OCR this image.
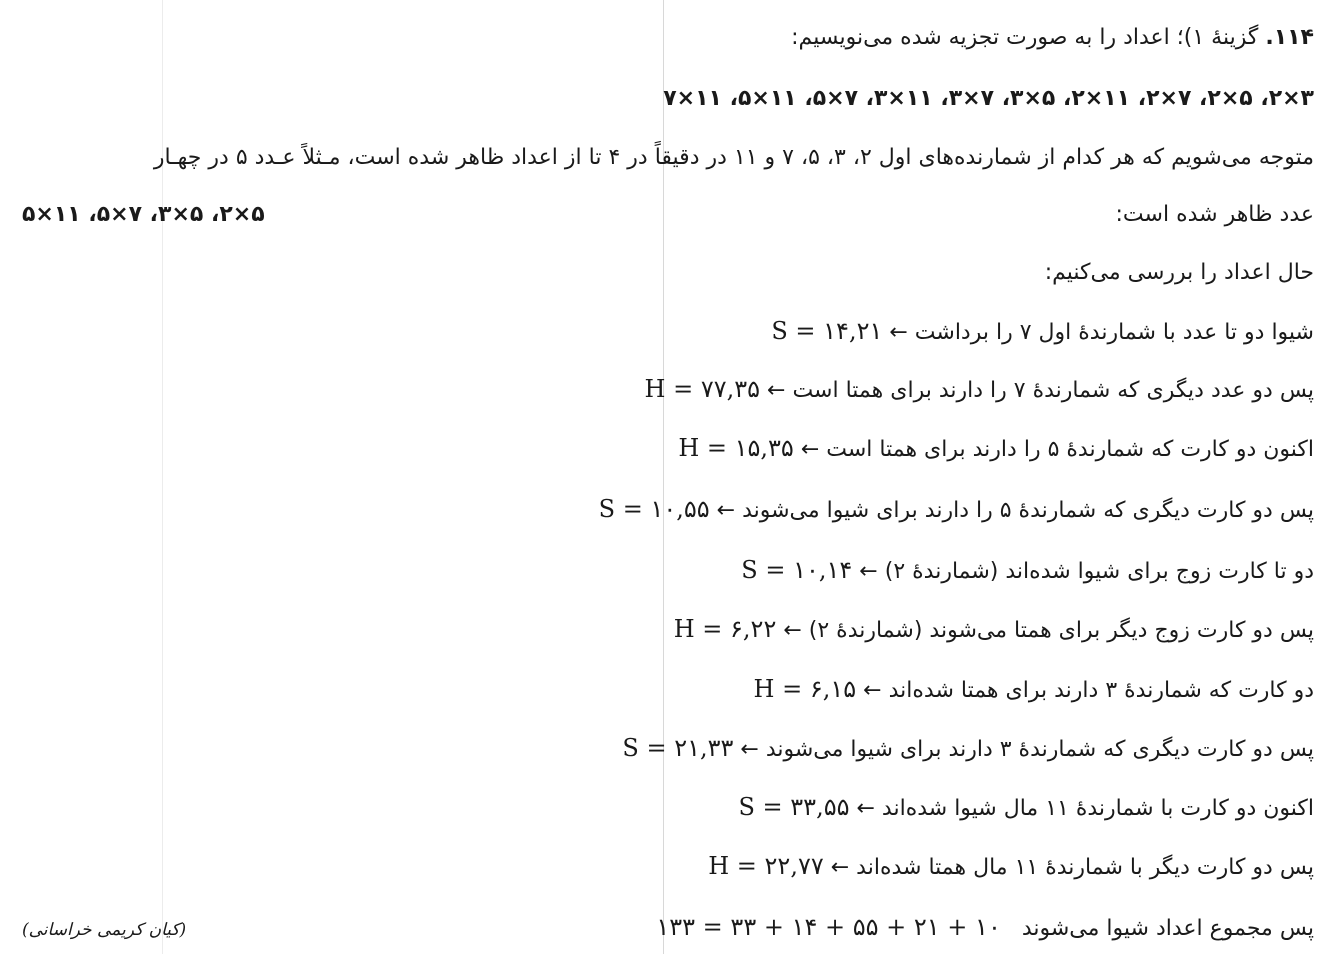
۱۱۴. گزینهٔ ۱)؛ اعداد را به صورت تجزیه شده می‌نویسیم:
۷×۱۱ ،۵×۱۱ ،۵×۷ ،۳×۱۱ ،۳×۷ ،۳×۵ ،۲×۱۱ ،۲×۷ ،۲×۵ ،۲×۳
متوجه می‌شویم که هر کدام از شمارنده‌های اول ۲، ۳، ۵، ۷ و ۱۱ در دقیقاً در ۴ تا از اعداد ظاهر شده است، مـثلاً عـدد ۵ در چهـار
عدد ظاهر شده است:
۵×۱۱ ،۵×۷ ،۳×۵ ،۲×۵
حال اعداد را بررسی می‌کنیم:
شیوا دو تا عدد با شمارندهٔ اول ۷ را برداشت ← S = ۱۴,۲۱
پس دو عدد دیگری که شمارندهٔ ۷ را دارند برای همتا است ← H = ۷۷,۳۵
اکنون دو کارت که شمارندهٔ ۵ را دارند برای همتا است ← H = ۱۵,۳۵
پس دو کارت دیگری که شمارندهٔ ۵ را دارند برای شیوا می‌شوند ← S = ۱۰,۵۵
دو تا کارت زوج برای شیوا شده‌اند (شمارندهٔ ۲) ← S = ۱۰,۱۴
پس دو کارت زوج دیگر برای همتا می‌شوند (شمارندهٔ ۲) ← H = ۶,۲۲
دو کارت که شمارندهٔ ۳ دارند برای همتا شده‌اند ← H = ۶,۱۵
پس دو کارت دیگری که شمارندهٔ ۳ دارند برای شیوا می‌شوند ← S = ۲۱,۳۳
اکنون دو کارت با شمارندهٔ ۱۱ مال شیوا شده‌اند ← S = ۳۳,۵۵
پس دو کارت دیگر با شمارندهٔ ۱۱ مال همتا شده‌اند ← H = ۲۲,۷۷
پس مجموع اعداد شیوا می‌شوند   ۱۰ + ۲۱ + ۵۵ + ۱۴ + ۳۳ = ۱۳۳
(کیان کریمی خراسانی)
